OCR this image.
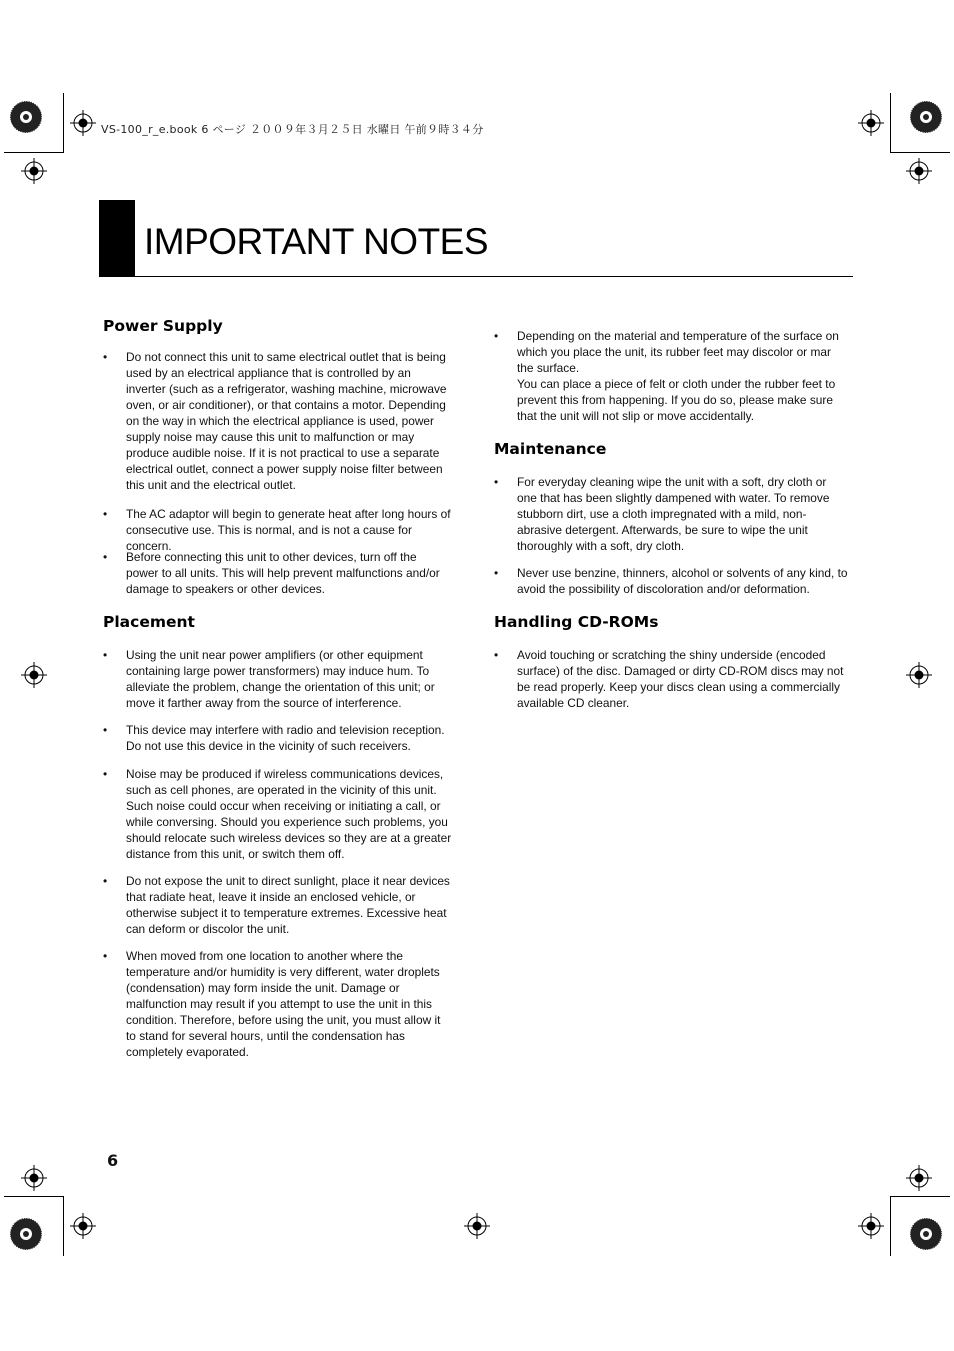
VS-100_r_e.book 6 ページ ２００９年３月２５日 水曜日 午前９時３４分
IMPORTANT NOTES
Power Supply
•	Do not connect this unit to same electrical outlet that is being
used by an electrical appliance that is controlled by an
inverter (such as a refrigerator, washing machine, microwave
oven, or air conditioner), or that contains a motor. Depending
on the way in which the electrical appliance is used, power
supply noise may cause this unit to malfunction or may
produce audible noise. If it is not practical to use a separate
electrical outlet, connect a power supply noise filter between
this unit and the electrical outlet.
•	The AC adaptor will begin to generate heat after long hours of
consecutive use. This is normal, and is not a cause for concern.
•	Before connecting this unit to other devices, turn off the
power to all units. This will help prevent malfunctions and/or
damage to speakers or other devices.
Placement
•	Using the unit near power amplifiers (or other equipment
containing large power transformers) may induce hum. To
alleviate the problem, change the orientation of this unit; or
move it farther away from the source of interference.
•	This device may interfere with radio and television reception.
Do not use this device in the vicinity of such receivers.
•	Noise may be produced if wireless communications devices,
such as cell phones, are operated in the vicinity of this unit.
Such noise could occur when receiving or initiating a call, or
while conversing. Should you experience such problems, you
should relocate such wireless devices so they are at a greater
distance from this unit, or switch them off.
•	Do not expose the unit to direct sunlight, place it near devices
that radiate heat, leave it inside an enclosed vehicle, or
otherwise subject it to temperature extremes. Excessive heat
can deform or discolor the unit.
•	When moved from one location to another where the
temperature and/or humidity is very different, water droplets
(condensation) may form inside the unit. Damage or
malfunction may result if you attempt to use the unit in this
condition. Therefore, before using the unit, you must allow it
to stand for several hours, until the condensation has
completely evaporated.
•	Depending on the material and temperature of the surface on
which you place the unit, its rubber feet may discolor or mar
the surface.
You can place a piece of felt or cloth under the rubber feet to
prevent this from happening. If you do so, please make sure
that the unit will not slip or move accidentally.
Maintenance
•	For everyday cleaning wipe the unit with a soft, dry cloth or
one that has been slightly dampened with water. To remove
stubborn dirt, use a cloth impregnated with a mild, non-
abrasive detergent. Afterwards, be sure to wipe the unit
thoroughly with a soft, dry cloth.
•	Never use benzine, thinners, alcohol or solvents of any kind, to
avoid the possibility of discoloration and/or deformation.
Handling CD-ROMs
•	Avoid touching or scratching the shiny underside (encoded
surface) of the disc. Damaged or dirty CD-ROM discs may not
be read properly. Keep your discs clean using a commercially
available CD cleaner.
6
